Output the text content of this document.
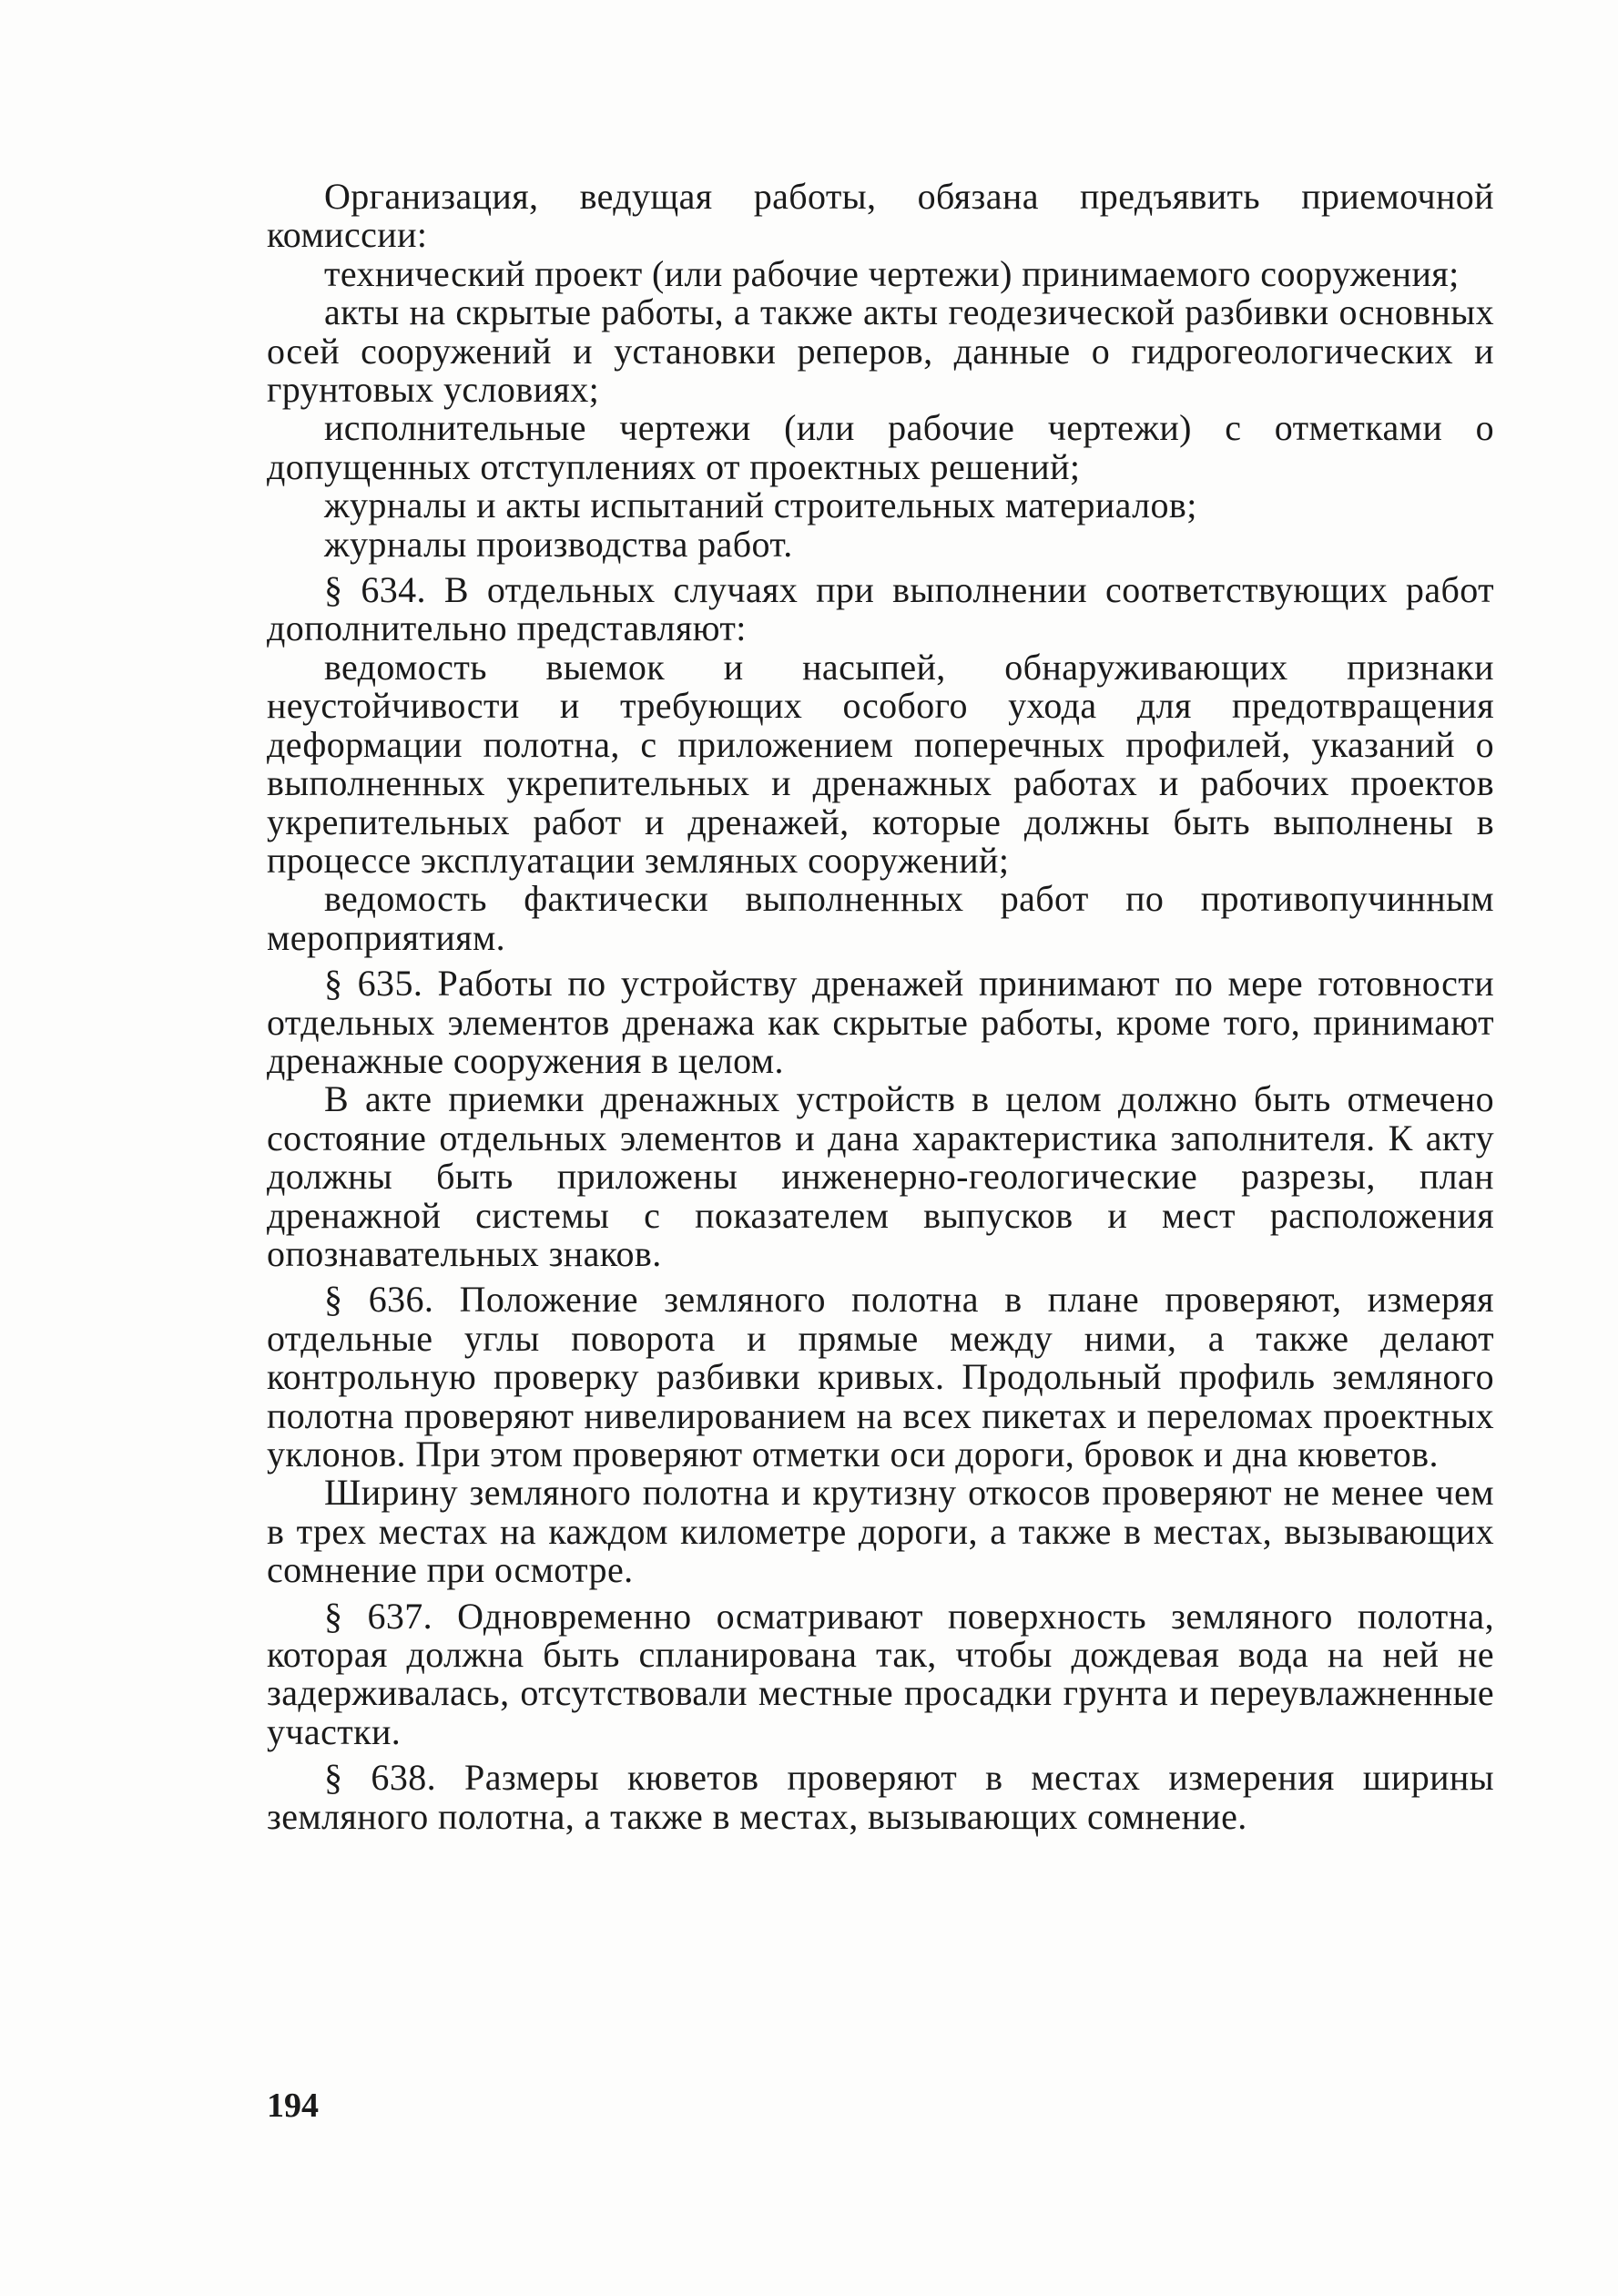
Организация, ведущая работы, обязана предъявить приемочной комиссии:

технический проект (или рабочие чертежи) принимаемого сооружения;

акты на скрытые работы, а также акты геодезической разбивки основных осей сооружений и установки реперов, данные о гидрогеологических и грунтовых условиях;

исполнительные чертежи (или рабочие чертежи) с отметками о допущенных отступлениях от проектных решений;

журналы и акты испытаний строительных материалов;

журналы производства работ.

§ 634. В отдельных случаях при выполнении соответствующих работ дополнительно представляют:

ведомость выемок и насыпей, обнаруживающих признаки неустойчивости и требующих особого ухода для предотвращения деформации полотна, с приложением поперечных профилей, указаний о выполненных укрепительных и дренажных работах и рабочих проектов укрепительных работ и дренажей, которые должны быть выполнены в процессе эксплуатации земляных сооружений;

ведомость фактически выполненных работ по противопучинным мероприятиям.

§ 635. Работы по устройству дренажей принимают по мере готовности отдельных элементов дренажа как скрытые работы, кроме того, принимают дренажные сооружения в целом.

В акте приемки дренажных устройств в целом должно быть отмечено состояние отдельных элементов и дана характеристика заполнителя. К акту должны быть приложены инженерно-геологические разрезы, план дренажной системы с показателем выпусков и мест расположения опознавательных знаков.

§ 636. Положение земляного полотна в плане проверяют, измеряя отдельные углы поворота и прямые между ними, а также делают контрольную проверку разбивки кривых. Продольный профиль земляного полотна проверяют нивелированием на всех пикетах и переломах проектных уклонов. При этом проверяют отметки оси дороги, бровок и дна кюветов.

Ширину земляного полотна и крутизну откосов проверяют не менее чем в трех местах на каждом километре дороги, а также в местах, вызывающих сомнение при осмотре.

§ 637. Одновременно осматривают поверхность земляного полотна, которая должна быть спланирована так, чтобы дождевая вода на ней не задерживалась, отсутствовали местные просадки грунта и переувлажненные участки.

§ 638. Размеры кюветов проверяют в местах измерения ширины земляного полотна, а также в местах, вызывающих сомнение.

194
